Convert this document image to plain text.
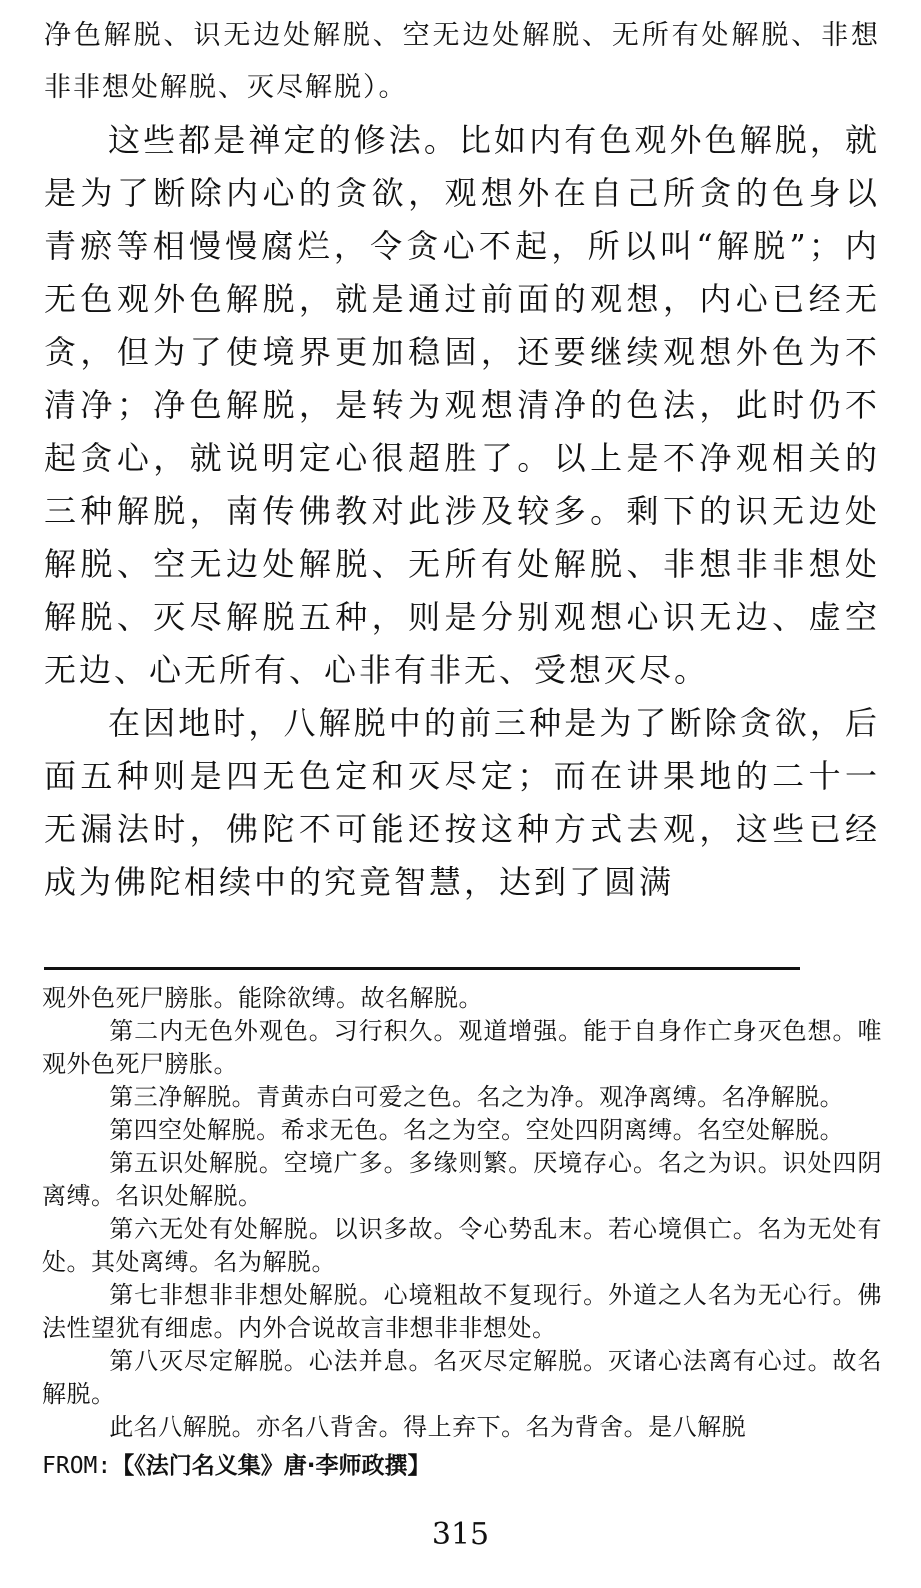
净色解脱、识无边处解脱、空无边处解脱、无所有处解脱、非想非非想处解脱、灭尽解脱）。

这些都是禅定的修法。比如内有色观外色解脱，就是为了断除内心的贪欲，观想外在自己所贪的色身以青瘀等相慢慢腐烂，令贪心不起，所以叫“解脱”；内无色观外色解脱，就是通过前面的观想，内心已经无贪，但为了使境界更加稳固，还要继续观想外色为不清净；净色解脱，是转为观想清净的色法，此时仍不起贪心，就说明定心很超胜了。以上是不净观相关的三种解脱，南传佛教对此涉及较多。剩下的识无边处解脱、空无边处解脱、无所有处解脱、非想非非想处解脱、灭尽解脱五种，则是分别观想心识无边、虚空无边、心无所有、心非有非无、受想灭尽。

在因地时，八解脱中的前三种是为了断除贪欲，后面五种则是四无色定和灭尽定；而在讲果地的二十一无漏法时，佛陀不可能还按这种方式去观，这些已经成为佛陀相续中的究竟智慧，达到了圆满

观外色死尸膀胀。能除欲缚。故名解脱。

第二内无色外观色。习行积久。观道增强。能于自身作亡身灭色想。唯观外色死尸膀胀。

第三净解脱。青黄赤白可爱之色。名之为净。观净离缚。名净解脱。

第四空处解脱。希求无色。名之为空。空处四阴离缚。名空处解脱。

第五识处解脱。空境广多。多缘则繁。厌境存心。名之为识。识处四阴离缚。名识处解脱。

第六无处有处解脱。以识多故。令心势乱末。若心境俱亡。名为无处有处。其处离缚。名为解脱。

第七非想非非想处解脱。心境粗故不复现行。外道之人名为无心行。佛法性望犹有细虑。内外合说故言非想非非想处。

第八灭尽定解脱。心法并息。名灭尽定解脱。灭诸心法离有心过。故名解脱。

此名八解脱。亦名八背舍。得上弃下。名为背舍。是八解脱

FROM:【《法门名义集》唐·李师政撰】
315
